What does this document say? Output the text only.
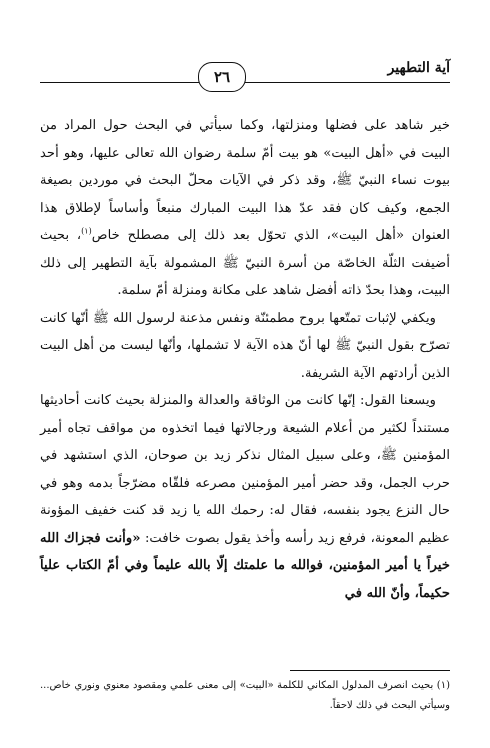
آية التطهير
٢٦

خير شاهد على فضلها ومنزلتها، وكما سيأتي في البحث حول المراد من البيت في «أهل البيت» هو بيت أمّ سلمة رضوان الله تعالى عليها، وهو أحد بيوت نساء النبيّ ﷺ، وقد ذكر في الآيات محلّ البحث في موردين بصيغة الجمع، وكيف كان فقد عدّ هذا البيت المبارك منبعاً وأساساً لإطلاق هذا العنوان «أهل البيت»، الذي تحوّل بعد ذلك إلى مصطلح خاص$^{(١)}$، بحيث أضيفت الثلّة الخاصّة من أسرة النبيّ ﷺ المشمولة بآية التطهير إلى ذلك البيت، وهذا بحدّ ذاته أفضل شاهد على مكانة ومنزلة أمّ سلمة.

ويكفي لإثبات تمتّعها بروح مطمئنّة ونفس مذعنة لرسول الله ﷺ أنّها كانت تصرّح بقول النبيّ ﷺ لها أنّ هذه الآية لا تشملها، وأنّها ليست من أهل البيت الذين أرادتهم الآية الشريفة.

ويسعنا القول: إنّها كانت من الوثاقة والعدالة والمنزلة بحيث كانت أحاديثها مستنداً لكثير من أعلام الشيعة ورجالاتها فيما اتخذوه من مواقف تجاه أمير المؤمنين ﷺ، وعلى سبيل المثال نذكر زيد بن صوحان، الذي استشهد في حرب الجمل، وقد حضر أمير المؤمنين مصرعه فلقّاه مضرّجاً بدمه وهو في حال النزع يجود بنفسه، فقال له: رحمك الله يا زيد قد كنت خفيف المؤونة عظيم المعونة، فرفع زيد رأسه وأخذ يقول بصوت خافت: «وأنت فجزاك الله خيراً يا أمير المؤمنين، فوالله ما علمتك إلّا بالله عليماً وفي أمّ الكتاب علياً حكيماً، وأنّ الله في

(١) بحيث انصرف المدلول المكاني للكلمة «البيت» إلى معنى علمي ومقصود معنوي ونوري خاص... وسيأتي البحث في ذلك لاحقاً.
